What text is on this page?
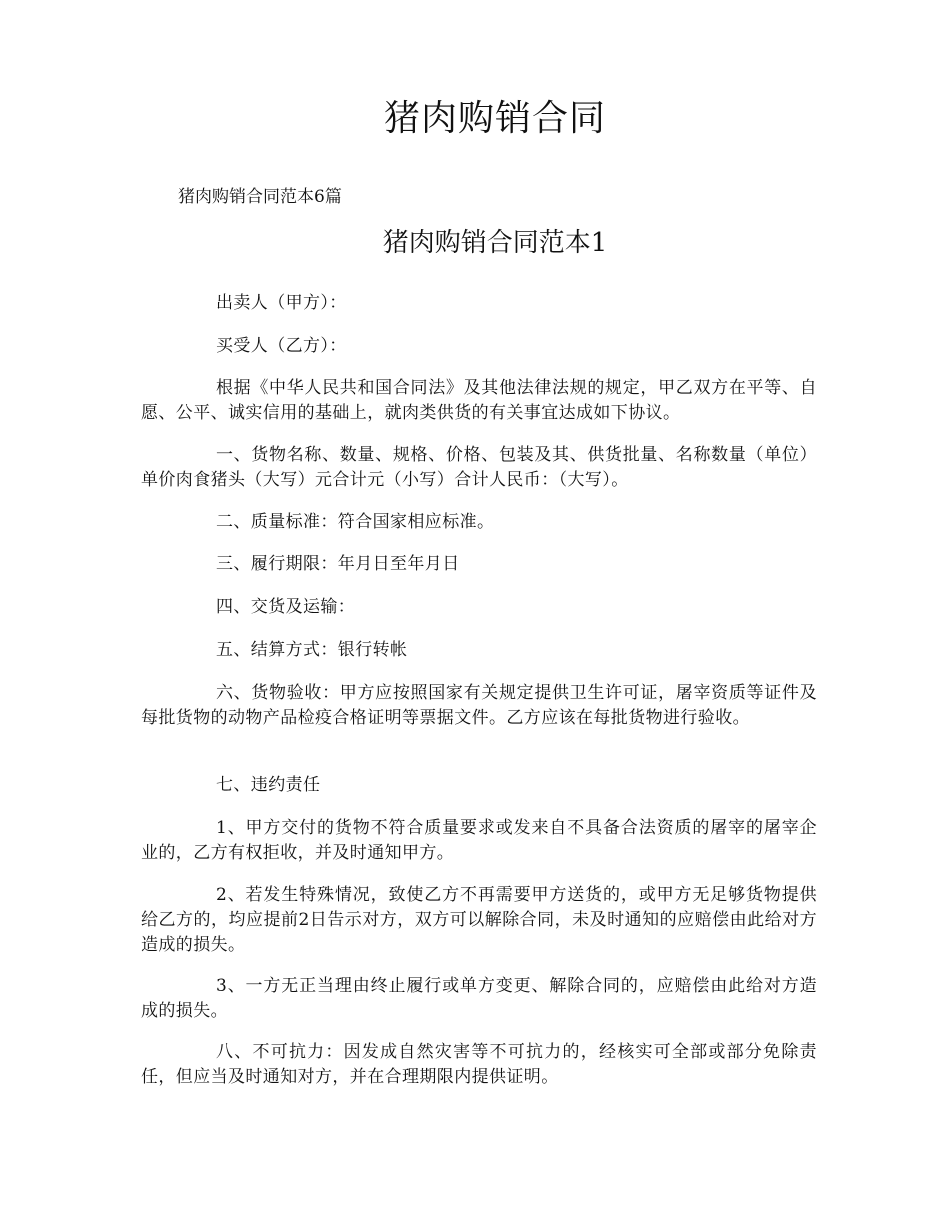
猪肉购销合同
猪肉购销合同范本6篇
猪肉购销合同范本1

出卖人（甲方）：

买受人（乙方）：

根据《中华人民共和国合同法》及其他法律法规的规定，甲乙双方在平等、自愿、公平、诚实信用的基础上，就肉类供货的有关事宜达成如下协议。

一、货物名称、数量、规格、价格、包装及其、供货批量、名称数量（单位）单价肉食猪头（大写）元合计元（小写）合计人民币：（大写）。

二、质量标准：符合国家相应标准。

三、履行期限：年月日至年月日

四、交货及运输：

五、结算方式：银行转帐

六、货物验收：甲方应按照国家有关规定提供卫生许可证，屠宰资质等证件及每批货物的动物产品检疫合格证明等票据文件。乙方应该在每批货物进行验收。

七、违约责任

1、甲方交付的货物不符合质量要求或发来自不具备合法资质的屠宰的屠宰企业的，乙方有权拒收，并及时通知甲方。

2、若发生特殊情况，致使乙方不再需要甲方送货的，或甲方无足够货物提供给乙方的，均应提前2日告示对方，双方可以解除合同，未及时通知的应赔偿由此给对方造成的损失。

3、一方无正当理由终止履行或单方变更、解除合同的，应赔偿由此给对方造成的损失。

八、不可抗力：因发成自然灾害等不可抗力的，经核实可全部或部分免除责任，但应当及时通知对方，并在合理期限内提供证明。
